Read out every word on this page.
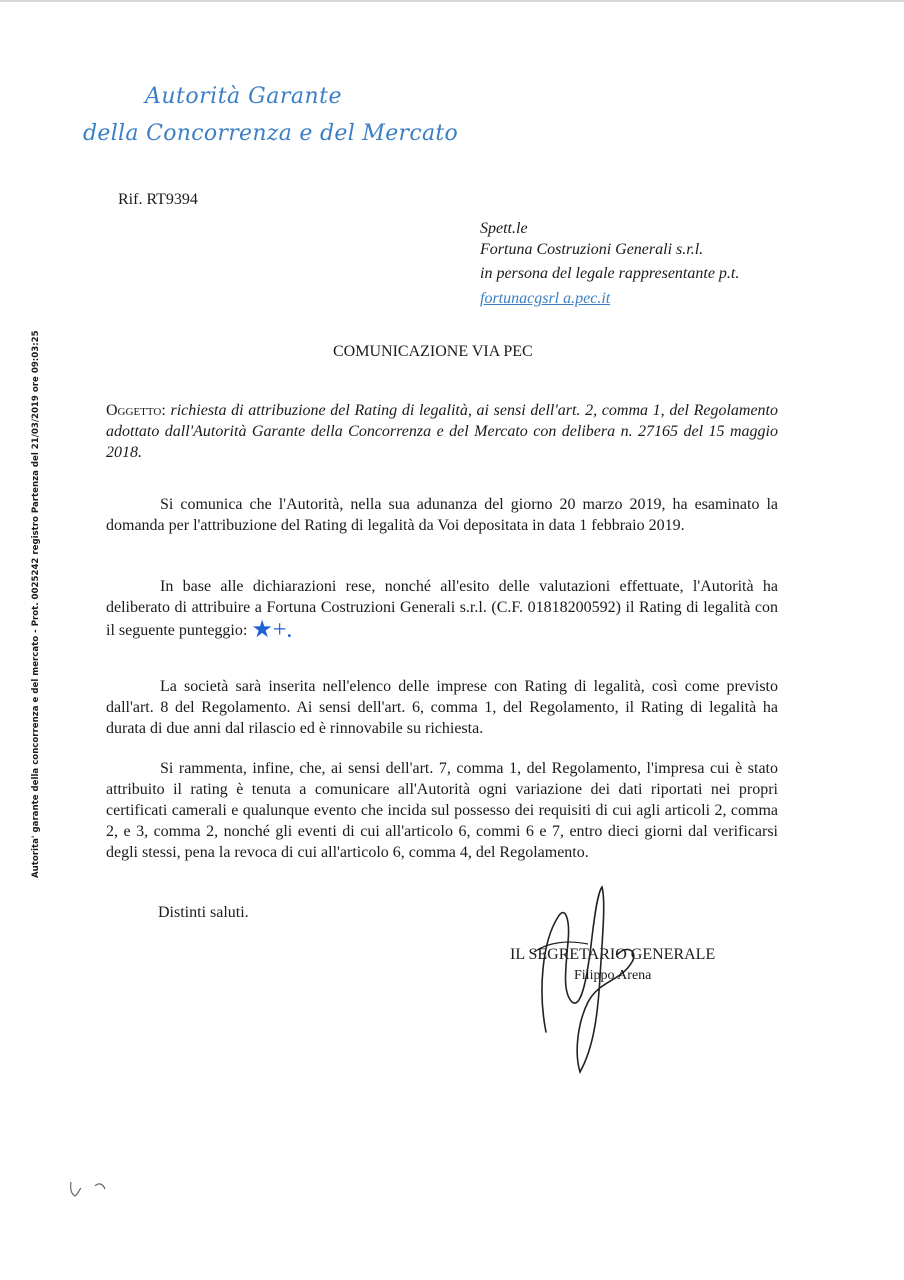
Autorità Garante
della Concorrenza e del Mercato
Rif. RT9394
Spett.le
Fortuna Costruzioni Generali s.r.l.
in persona del legale rappresentante p.t.
fortunacgsrl a.pec.it
COMUNICAZIONE VIA PEC
Oggetto: richiesta di attribuzione del Rating di legalità, ai sensi dell'art. 2, comma 1, del Regolamento adottato dall'Autorità Garante della Concorrenza e del Mercato con delibera n. 27165 del 15 maggio 2018.
Si comunica che l'Autorità, nella sua adunanza del giorno 20 marzo 2019, ha esaminato la domanda per l'attribuzione del Rating di legalità da Voi depositata in data 1 febbraio 2019.
In base alle dichiarazioni rese, nonché all'esito delle valutazioni effettuate, l'Autorità ha deliberato di attribuire a Fortuna Costruzioni Generali s.r.l. (C.F. 01818200592) il Rating di legalità con il seguente punteggio: ★+.
La società sarà inserita nell'elenco delle imprese con Rating di legalità, così come previsto dall'art. 8 del Regolamento. Ai sensi dell'art. 6, comma 1, del Regolamento, il Rating di legalità ha durata di due anni dal rilascio ed è rinnovabile su richiesta.
Si rammenta, infine, che, ai sensi dell'art. 7, comma 1, del Regolamento, l'impresa cui è stato attribuito il rating è tenuta a comunicare all'Autorità ogni variazione dei dati riportati nei propri certificati camerali e qualunque evento che incida sul possesso dei requisiti di cui agli articoli 2, comma 2, e 3, comma 2, nonché gli eventi di cui all'articolo 6, commi 6 e 7, entro dieci giorni dal verificarsi degli stessi, pena la revoca di cui all'articolo 6, comma 4, del Regolamento.
Distinti saluti.
IL SEGRETARIO GENERALE
Filippo Arena
Autorita' garante della concorrenza e del mercato - Prot. 0025242 registro Partenza del 21/03/2019 ore 09:03:25
